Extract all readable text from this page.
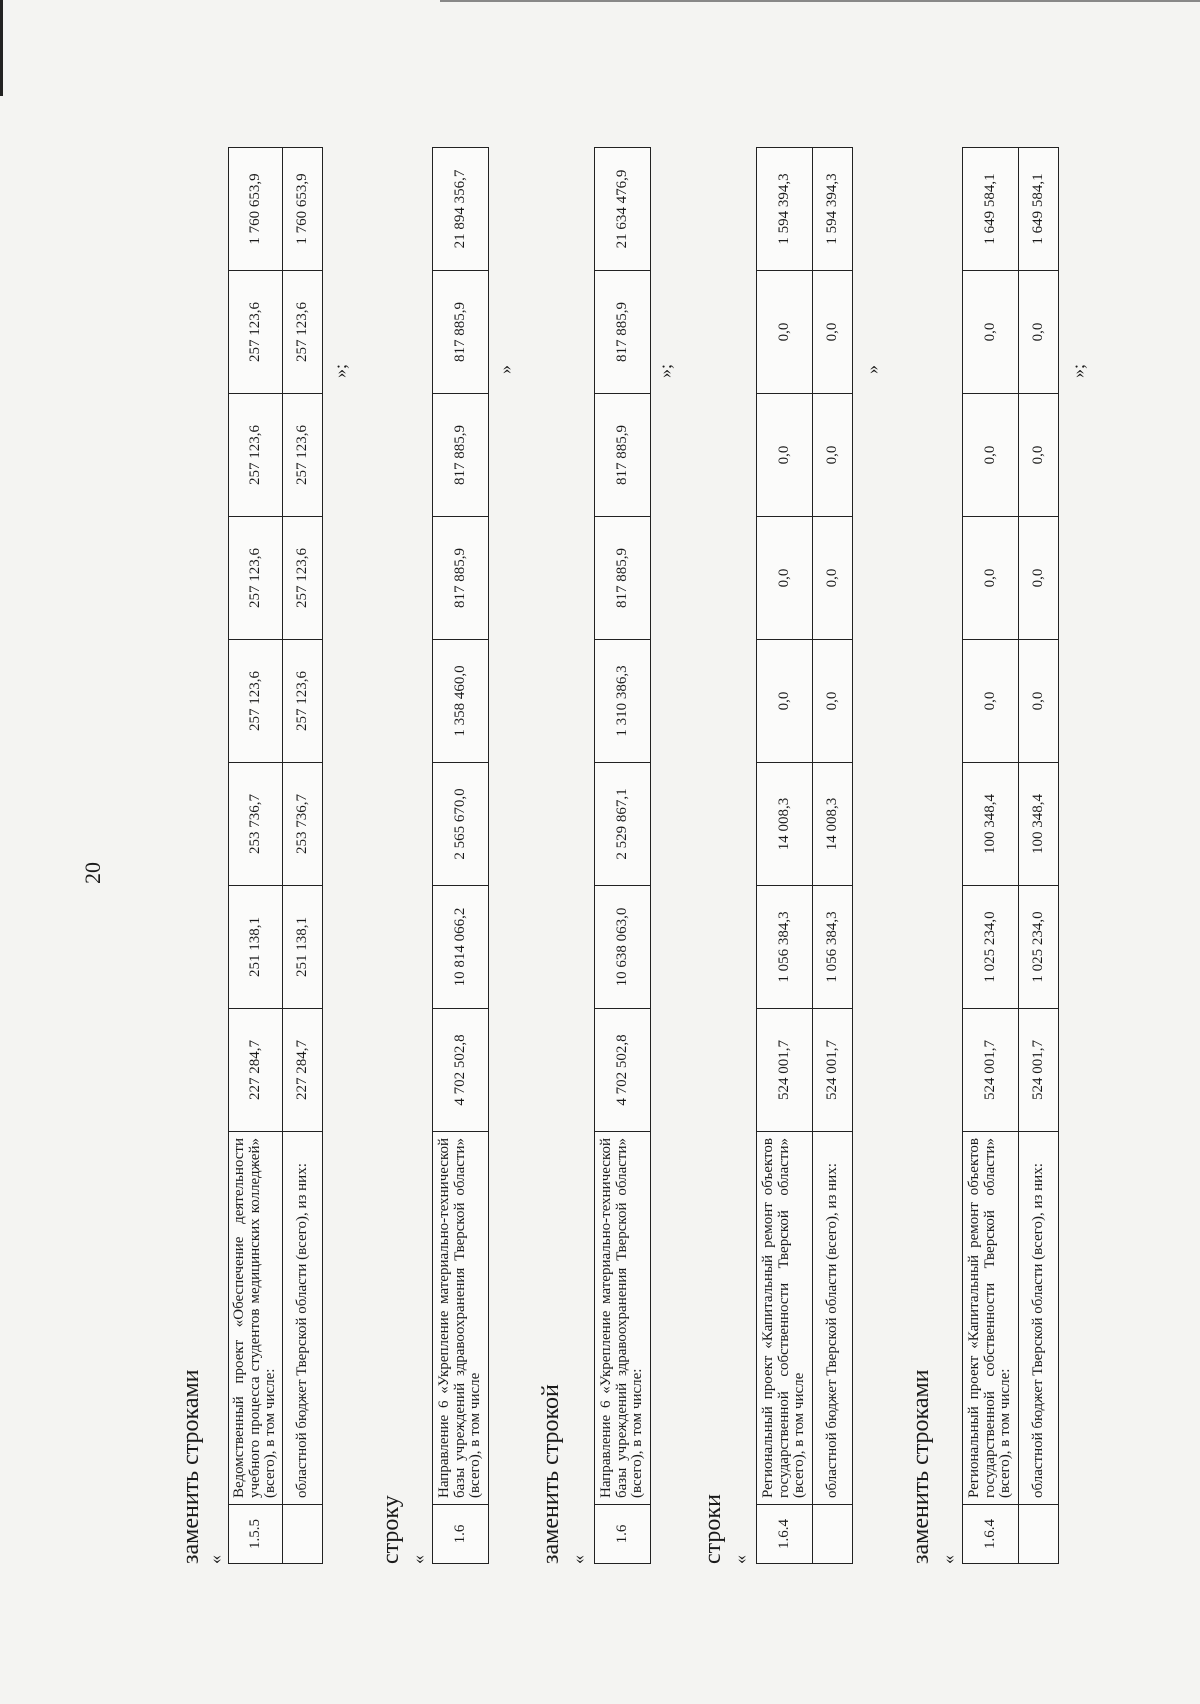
20
заменить строками «
1.5.5	Ведомственный проект «Обеспечение деятельности учебного процесса студентов медицинских колледжей» (всего), в том числе:	227 284,7	251 138,1	253 736,7	257 123,6	257 123,6	257 123,6	257 123,6	1 760 653,9
	областной бюджет Тверской области (всего), из них:	227 284,7	251 138,1	253 736,7	257 123,6	257 123,6	257 123,6	257 123,6	1 760 653,9
»;
строку «
1.6	Направление 6 «Укрепление материально-технической базы учреждений здравоохранения Тверской области» (всего), в том числе	4 702 502,8	10 814 066,2	2 565 670,0	1 358 460,0	817 885,9	817 885,9	817 885,9	21 894 356,7
»
заменить строкой «
1.6	Направление 6 «Укрепление материально-технической базы учреждений здравоохранения Тверской области» (всего), в том числе:	4 702 502,8	10 638 063,0	2 529 867,1	1 310 386,3	817 885,9	817 885,9	817 885,9	21 634 476,9
»;
строки «
1.6.4	Региональный проект «Капитальный ремонт объектов государственной собственности Тверской области» (всего), в том числе	524 001,7	1 056 384,3	14 008,3	0,0	0,0	0,0	0,0	1 594 394,3
	областной бюджет Тверской области (всего), из них:	524 001,7	1 056 384,3	14 008,3	0,0	0,0	0,0	0,0	1 594 394,3
»
заменить строками «
1.6.4	Региональный проект «Капитальный ремонт объектов государственной собственности Тверской области» (всего), в том числе:	524 001,7	1 025 234,0	100 348,4	0,0	0,0	0,0	0,0	1 649 584,1
	областной бюджет Тверской области (всего), из них:	524 001,7	1 025 234,0	100 348,4	0,0	0,0	0,0	0,0	1 649 584,1
»;
